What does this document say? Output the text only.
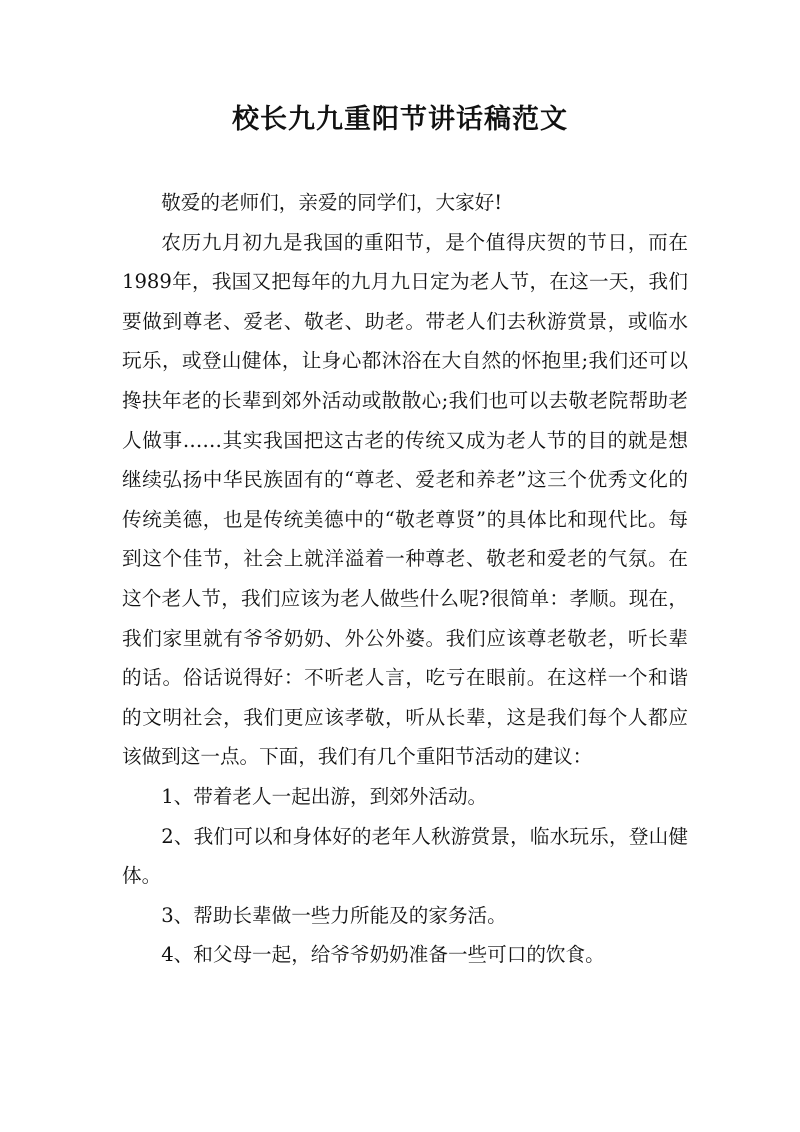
校长九九重阳节讲话稿范文

敬爱的老师们，亲爱的同学们，大家好!

农历九月初九是我国的重阳节，是个值得庆贺的节日，而在1989年，我国又把每年的九月九日定为老人节，在这一天，我们要做到尊老、爱老、敬老、助老。带老人们去秋游赏景，或临水玩乐，或登山健体，让身心都沐浴在大自然的怀抱里;我们还可以搀扶年老的长辈到郊外活动或散散心;我们也可以去敬老院帮助老人做事……其实我国把这古老的传统又成为老人节的目的就是想继续弘扬中华民族固有的“尊老、爱老和养老”这三个优秀文化的传统美德，也是传统美德中的“敬老尊贤”的具体比和现代比。每到这个佳节，社会上就洋溢着一种尊老、敬老和爱老的气氛。在这个老人节，我们应该为老人做些什么呢?很简单：孝顺。现在，我们家里就有爷爷奶奶、外公外婆。我们应该尊老敬老，听长辈的话。俗话说得好：不听老人言，吃亏在眼前。在这样一个和谐的文明社会，我们更应该孝敬，听从长辈，这是我们每个人都应该做到这一点。下面，我们有几个重阳节活动的建议：

1、带着老人一起出游，到郊外活动。

2、我们可以和身体好的老年人秋游赏景，临水玩乐，登山健体。

3、帮助长辈做一些力所能及的家务活。

4、和父母一起，给爷爷奶奶准备一些可口的饮食。
